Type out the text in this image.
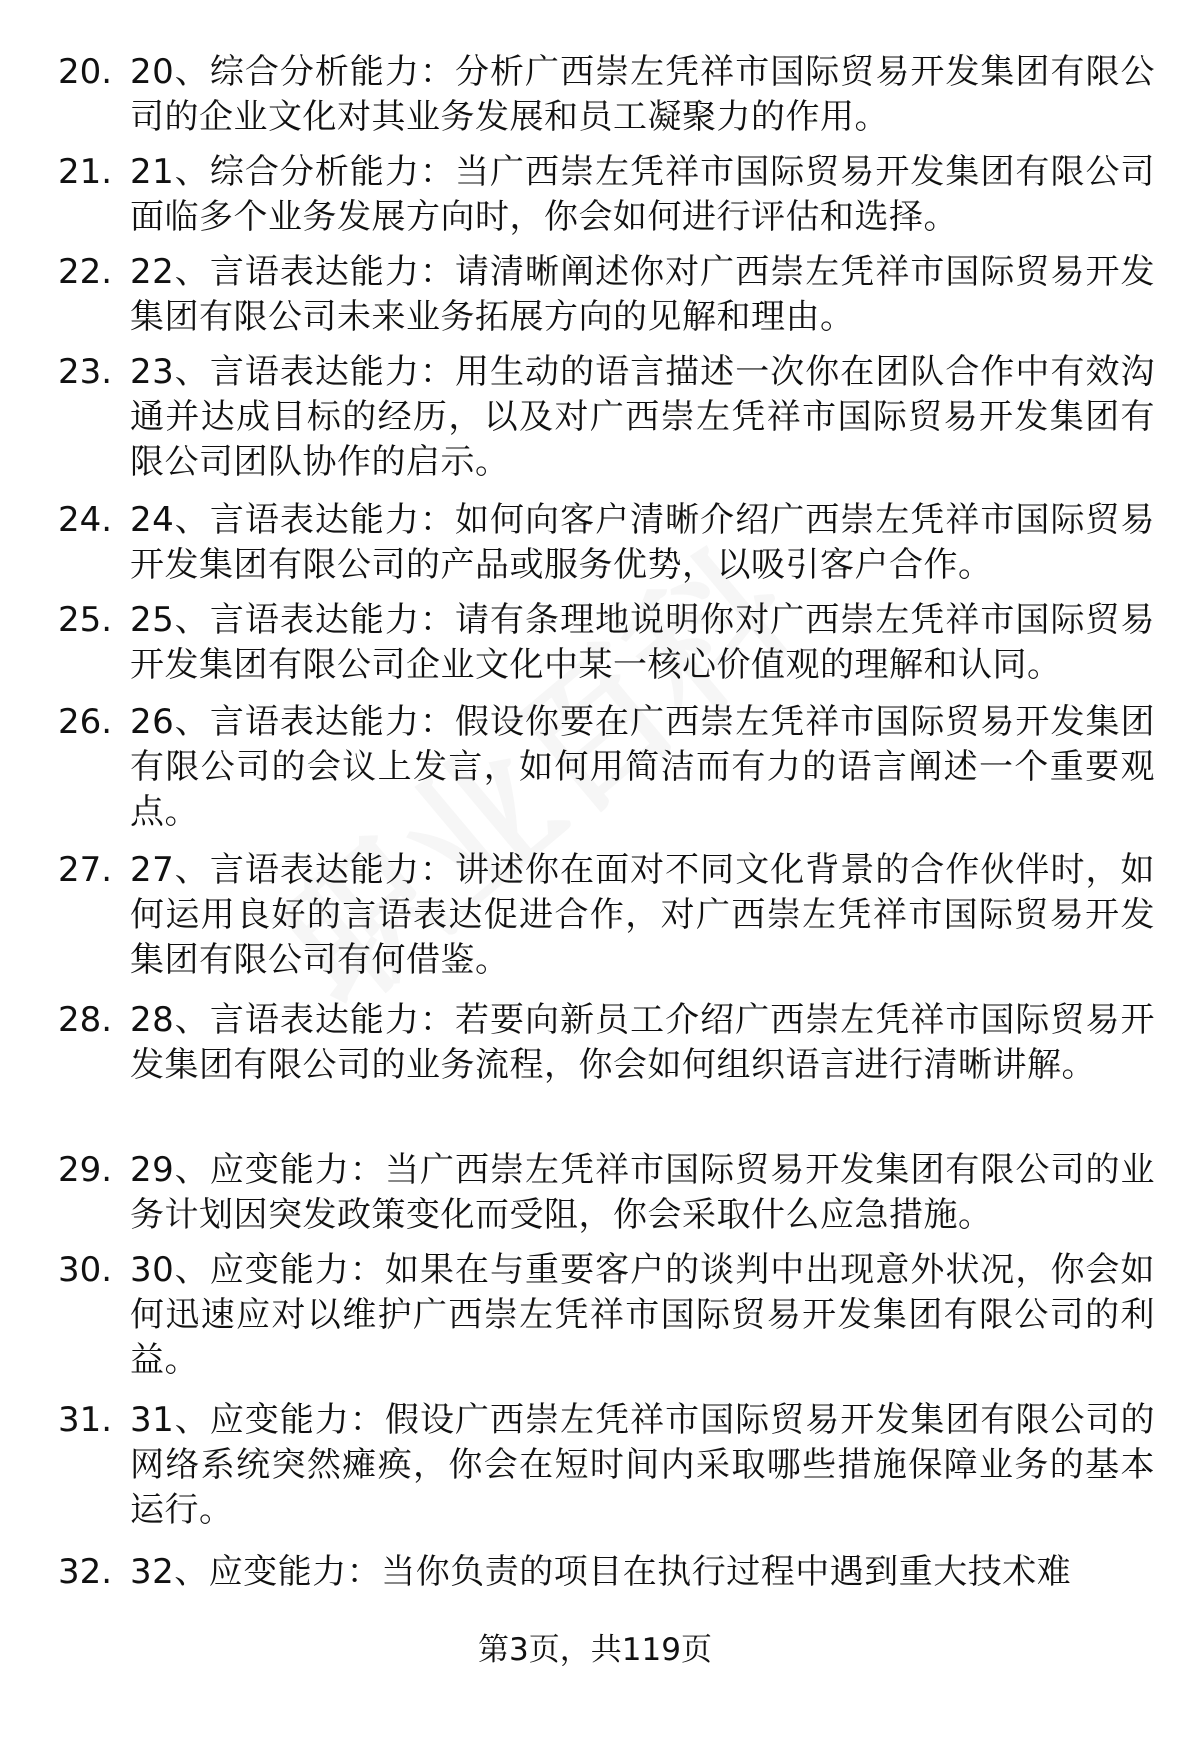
20. 20、综合分析能力：分析广西崇左凭祥市国际贸易开发集团有限公司的企业文化对其业务发展和员工凝聚力的作用。
21. 21、综合分析能力：当广西崇左凭祥市国际贸易开发集团有限公司面临多个业务发展方向时，你会如何进行评估和选择。
22. 22、言语表达能力：请清晰阐述你对广西崇左凭祥市国际贸易开发集团有限公司未来业务拓展方向的见解和理由。
23. 23、言语表达能力：用生动的语言描述一次你在团队合作中有效沟通并达成目标的经历，以及对广西崇左凭祥市国际贸易开发集团有限公司团队协作的启示。
24. 24、言语表达能力：如何向客户清晰介绍广西崇左凭祥市国际贸易开发集团有限公司的产品或服务优势，以吸引客户合作。
25. 25、言语表达能力：请有条理地说明你对广西崇左凭祥市国际贸易开发集团有限公司企业文化中某一核心价值观的理解和认同。
26. 26、言语表达能力：假设你要在广西崇左凭祥市国际贸易开发集团有限公司的会议上发言，如何用简洁而有力的语言阐述一个重要观点。
27. 27、言语表达能力：讲述你在面对不同文化背景的合作伙伴时，如何运用良好的言语表达促进合作，对广西崇左凭祥市国际贸易开发集团有限公司有何借鉴。
28. 28、言语表达能力：若要向新员工介绍广西崇左凭祥市国际贸易开发集团有限公司的业务流程，你会如何组织语言进行清晰讲解。
29. 29、应变能力：当广西崇左凭祥市国际贸易开发集团有限公司的业务计划因突发政策变化而受阻，你会采取什么应急措施。
30. 30、应变能力：如果在与重要客户的谈判中出现意外状况，你会如何迅速应对以维护广西崇左凭祥市国际贸易开发集团有限公司的利益。
31. 31、应变能力：假设广西崇左凭祥市国际贸易开发集团有限公司的网络系统突然瘫痪，你会在短时间内采取哪些措施保障业务的基本运行。
32. 32、应变能力：当你负责的项目在执行过程中遇到重大技术难
第3页，共119页
